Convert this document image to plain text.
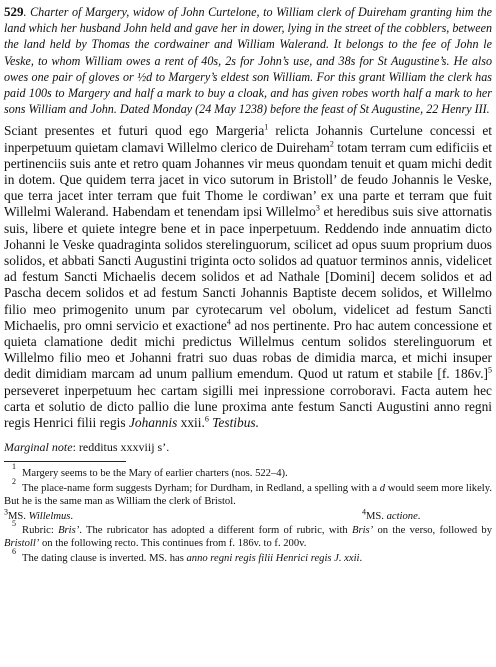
529. Charter of Margery, widow of John Curtelone, to William clerk of Duireham granting him the land which her husband John held and gave her in dower, lying in the street of the cobblers, between the land held by Thomas the cordwainer and William Walerand. It belongs to the fee of John le Veske, to whom William owes a rent of 40s, 2s for John’s use, and 38s for St Augustine’s. He also owes one pair of gloves or ½d to Margery’s eldest son William. For this grant William the clerk has paid 100s to Margery and half a mark to buy a cloak, and has given robes worth half a mark to her sons William and John. Dated Monday (24 May 1238) before the feast of St Augustine, 22 Henry III.

Sciant presentes et futuri quod ego Margeria$^1$ relicta Johannis Curtelune concessi et inperpetuum quietam clamavi Willelmo clerico de Duireham$^2$ totam terram cum edificiis et pertinenciis suis ante et retro quam Johannes vir meus quondam tenuit et quam michi dedit in dotem. Que quidem terra jacet in vico sutorum in Bristoll’ de feudo Johannis le Veske, que terra jacet inter terram que fuit Thome le cordiwan’ ex una parte et terram que fuit Willelmi Walerand. Habendam et tenendam ipsi Willelmo$^3$ et heredibus suis sive attornatis suis, libere et quiete integre bene et in pace inperpetuum. Reddendo inde annuatim dicto Johanni le Veske quadraginta solidos sterelinguorum, scilicet ad opus suum proprium duos solidos, et abbati Sancti Augustini triginta octo solidos ad quatuor terminos annis, videlicet ad festum Sancti Michaelis decem solidos et ad Nathale [Domini] decem solidos et ad Pascha decem solidos et ad festum Sancti Johannis Baptiste decem solidos, et Willelmo filio meo primogenito unum par cyrotecarum vel obolum, videlicet ad festum Sancti Michaelis, pro omni servicio et exactione$^4$ ad nos pertinente. Pro hac autem concessione et quieta clamatione dedit michi predictus Willelmus centum solidos sterelinguorum et Willelmo filio meo et Johanni fratri suo duas robas de dimidia marca, et michi insuper dedit dimidiam marcam ad unum pallium emendum. Quod ut ratum et stabile [f. 186v.]$^5$ perseveret inperpetuum hec cartam sigilli mei inpressione corroboravi. Facta autem hec carta et solutio de dicto pallio die lune proxima ante festum Sancti Augustini anno regni regis Henrici filii regis Johannis xxii.$^6$ Testibus.

Marginal note: redditus xxxviij s’.

$^1$Margery seems to be the Mary of earlier charters (nos. 522–4).
$^2$The place-name form suggests Dyrham; for Durdham, in Redland, a spelling with a d would seem more likely. But he is the same man as William the clerk of Bristol.
$^3$MS. Willelmus.	$^4$MS. actione.
$^5$Rubric: Bris’. The rubricator has adopted a different form of rubric, with Bris’ on the verso, followed by Bristoll’ on the following recto. This continues from f. 186v. to f. 200v.
$^6$The dating clause is inverted. MS. has anno regni regis filii Henrici regis J. xxii.
